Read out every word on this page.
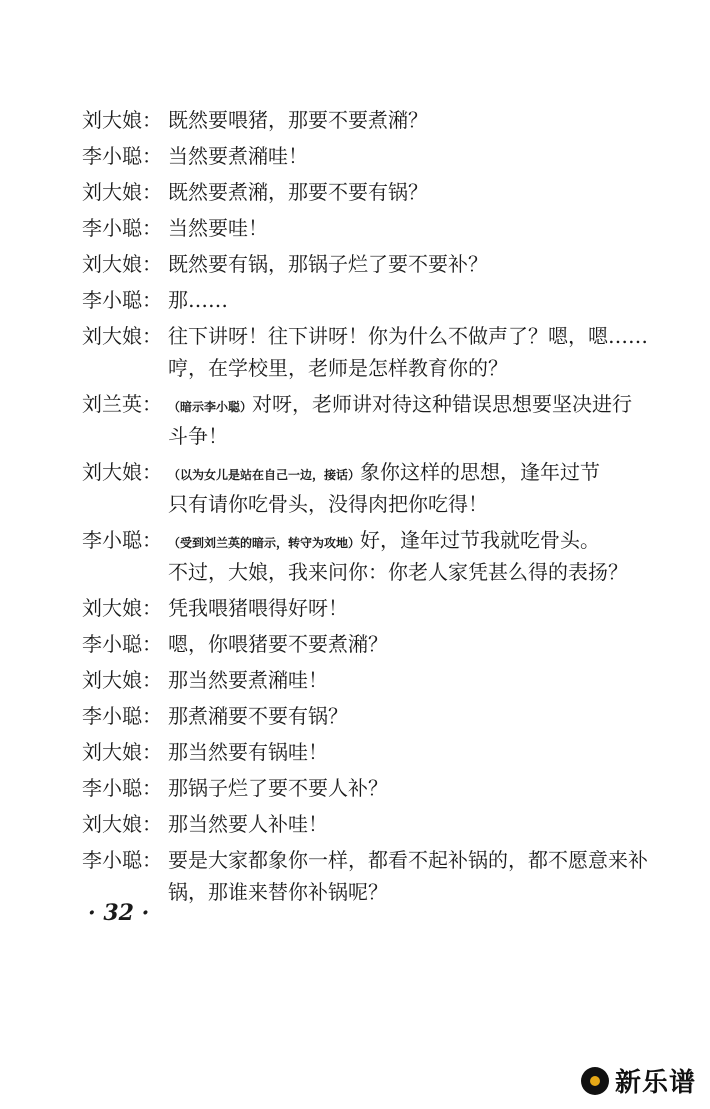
刘大娘： 既然要喂猪，那要不要煮潲？
李小聪： 当然要煮潲哇！
刘大娘： 既然要煮潲，那要不要有锅？
李小聪： 当然要哇！
刘大娘： 既然要有锅，那锅子烂了要不要补？
李小聪： 那……
刘大娘： 往下讲呀！往下讲呀！你为什么不做声了？嗯，嗯……
哼，在学校里，老师是怎样教育你的？
刘兰英： （暗示李小聪）对呀，老师讲对待这种错误思想要坚决进行
斗争！
刘大娘： （以为女儿是站在自己一边，接话）象你这样的思想，逢年过节
只有请你吃骨头，没得肉把你吃得！
李小聪： （受到刘兰英的暗示，转守为攻地）好，逢年过节我就吃骨头。
不过，大娘，我来问你：你老人家凭甚么得的表扬？
刘大娘： 凭我喂猪喂得好呀！
李小聪： 嗯，你喂猪要不要煮潲？
刘大娘： 那当然要煮潲哇！
李小聪： 那煮潲要不要有锅？
刘大娘： 那当然要有锅哇！
李小聪： 那锅子烂了要不要人补？
刘大娘： 那当然要人补哇！
李小聪： 要是大家都象你一样，都看不起补锅的，都不愿意来补
锅，那谁来替你补锅呢？
· 32 ·
新乐谱
